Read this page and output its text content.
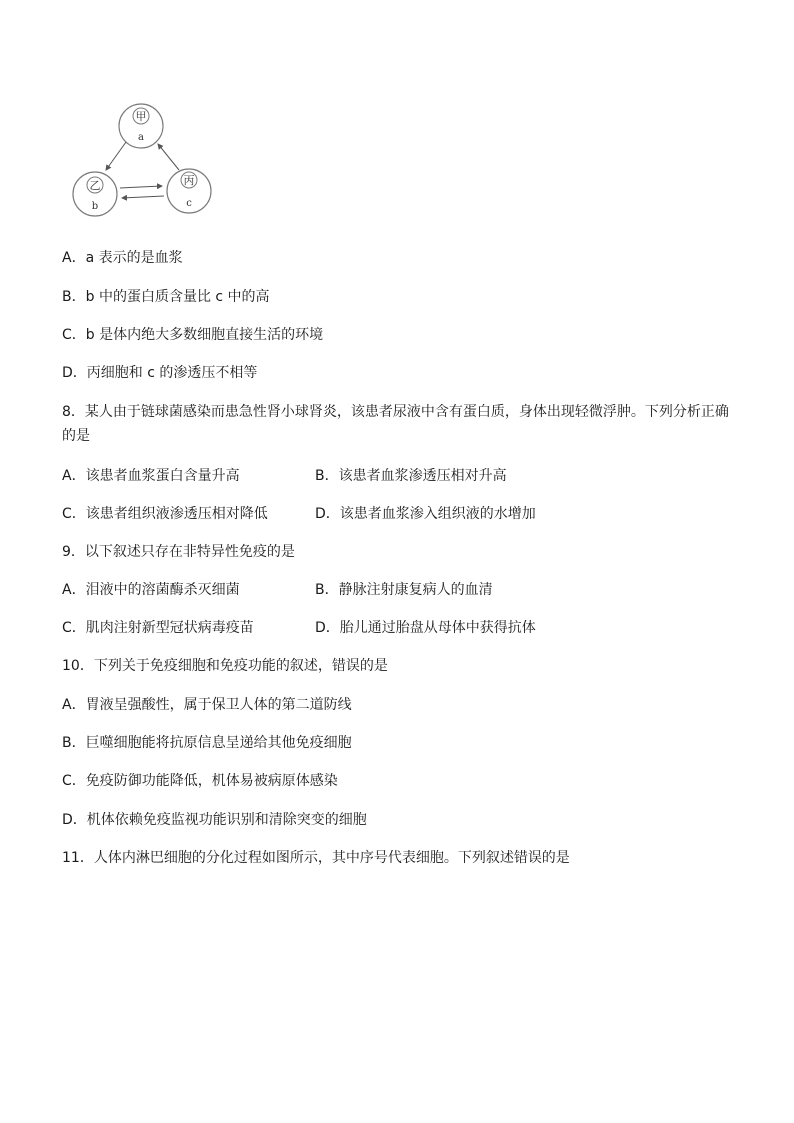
甲
a
乙
b
丙
c
A．a 表示的是血浆
B．b 中的蛋白质含量比 c 中的高
C．b 是体内绝大多数细胞直接生活的环境
D．丙细胞和 c 的渗透压不相等
8．某人由于链球菌感染而患急性肾小球肾炎，该患者尿液中含有蛋白质，身体出现轻微浮肿。下列分析正确的是
A．该患者血浆蛋白含量升高	B．该患者血浆渗透压相对升高
C．该患者组织液渗透压相对降低	D．该患者血浆渗入组织液的水增加
9．以下叙述只存在非特异性免疫的是
A．泪液中的溶菌酶杀灭细菌	B．静脉注射康复病人的血清
C．肌肉注射新型冠状病毒疫苗	D．胎儿通过胎盘从母体中获得抗体
10．下列关于免疫细胞和免疫功能的叙述，错误的是
A．胃液呈强酸性，属于保卫人体的第二道防线
B．巨噬细胞能将抗原信息呈递给其他免疫细胞
C．免疫防御功能降低，机体易被病原体感染
D．机体依赖免疫监视功能识别和清除突变的细胞
11．人体内淋巴细胞的分化过程如图所示，其中序号代表细胞。下列叙述错误的是
